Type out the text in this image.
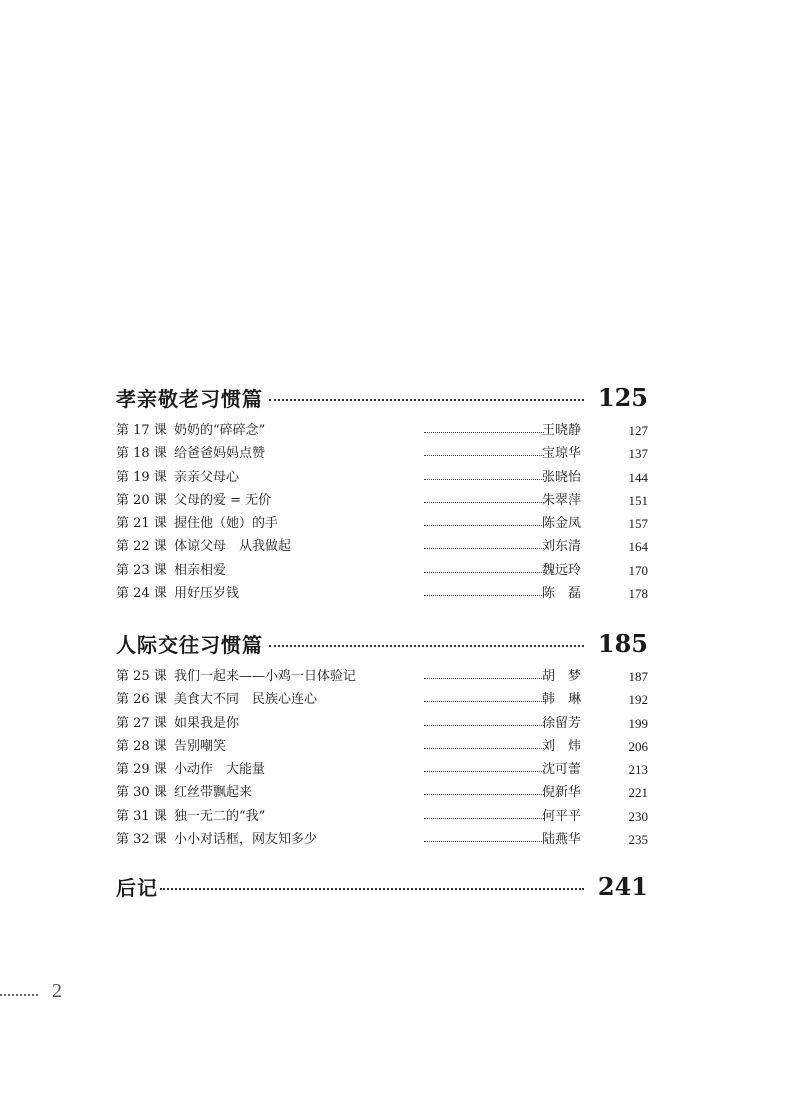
孝亲敬老习惯篇	125
第 17 课 奶奶的“碎碎念”	王晓静	127
第 18 课 给爸爸妈妈点赞	宝琼华	137
第 19 课 亲亲父母心	张晓怡	144
第 20 课 父母的爱 = 无价	朱翠萍	151
第 21 课 握住他（她）的手	陈金凤	157
第 22 课 体谅父母　从我做起	刘东清	164
第 23 课 相亲相爱	魏远玲	170
第 24 课 用好压岁钱	陈　磊	178
人际交往习惯篇	185
第 25 课 我们一起来——小鸡一日体验记	胡　梦	187
第 26 课 美食大不同　民族心连心	韩　琳	192
第 27 课 如果我是你	徐留芳	199
第 28 课 告别嘲笑	刘　炜	206
第 29 课 小动作　大能量	沈可蕾	213
第 30 课 红丝带飘起来	倪新华	221
第 31 课 独一无二的“我”	何平平	230
第 32 课 小小对话框，网友知多少	陆燕华	235
后记	241
2
